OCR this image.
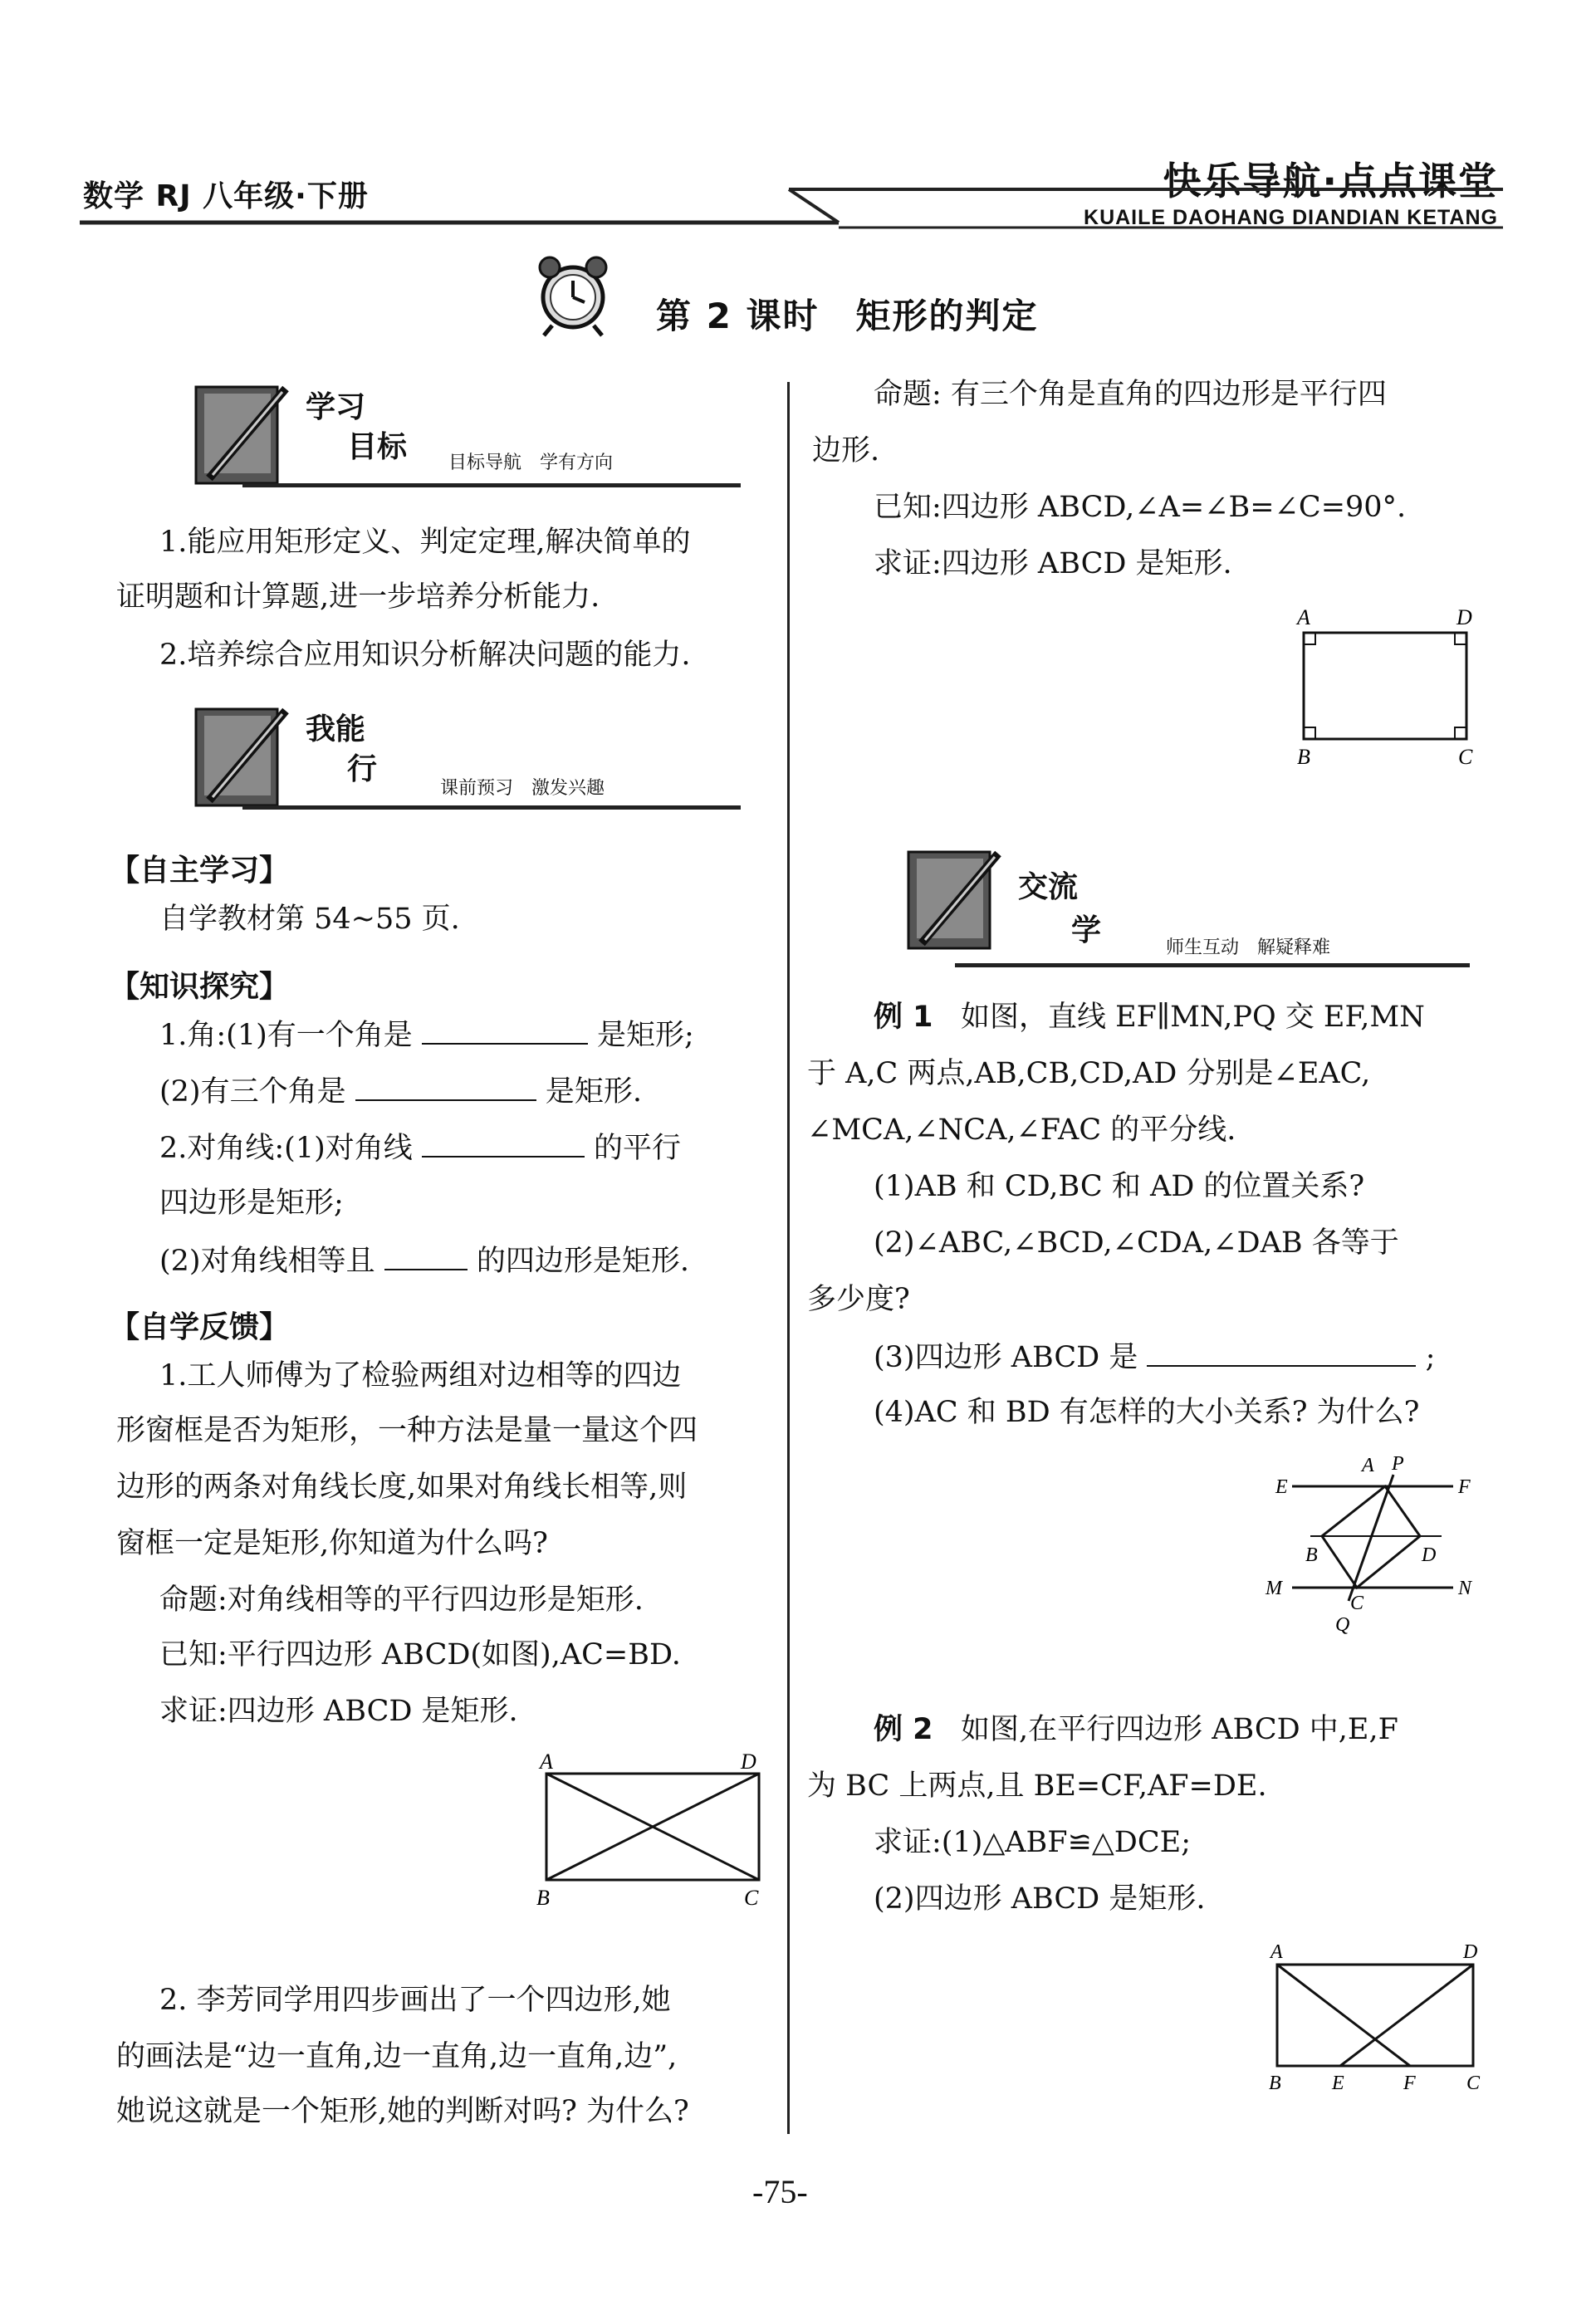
数学 RJ 八年级·下册	快乐导航·点点课堂
KUAILE DAOHANG DIANDIAN KETANG
第 2 课时　矩形的判定
学习
目标 目标导航　学有方向
1.能应用矩形定义、判定定理,解决简单的
证明题和计算题,进一步培养分析能力.
2.培养综合应用知识分析解决问题的能力.
我能
行
课前预习　激发兴趣
【自主学习】
自学教材第 54~55 页.
【知识探究】
1.角:(1)有一个角是	是矩形;
(2)有三个角是	是矩形.
2.对角线:(1)对角线	的平行
四边形是矩形;
(2)对角线相等且	的四边形是矩形.
【自学反馈】
1.工人师傅为了检验两组对边相等的四边
形窗框是否为矩形，一种方法是量一量这个四
边形的两条对角线长度,如果对角线长相等,则
窗框一定是矩形,你知道为什么吗?
命题:对角线相等的平行四边形是矩形.
已知:平行四边形 ABCD(如图),AC=BD.
求证:四边形 ABCD 是矩形.
A	D
B	C
2. 李芳同学用四步画出了一个四边形,她
的画法是“边一直角,边一直角,边一直角,边”,
她说这就是一个矩形,她的判断对吗? 为什么?
命题: 有三个角是直角的四边形是平行四
边形.
已知:四边形 ABCD,∠A=∠B=∠C=90°.
求证:四边形 ABCD 是矩形.
A	D
B	C
交流
学
师生互动　解疑释难
例 1 如图，直线 EF∥MN,PQ 交 EF,MN
于 A,C 两点,AB,CB,CD,AD 分别是∠EAC,
∠MCA,∠NCA,∠FAC 的平分线.
(1)AB 和 CD,BC 和 AD 的位置关系?
(2)∠ABC,∠BCD,∠CDA,∠DAB 各等于
多少度?
(3)四边形 ABCD 是	;
(4)AC 和 BD 有怎样的大小关系? 为什么?
A P
E	F
B	D
M	N
C
Q
例 2 如图,在平行四边形 ABCD 中,E,F
为 BC 上两点,且 BE=CF,AF=DE.
求证:(1)△ABF≌△DCE;
(2)四边形 ABCD 是矩形.
A	D
B	E	F	C
-75-
